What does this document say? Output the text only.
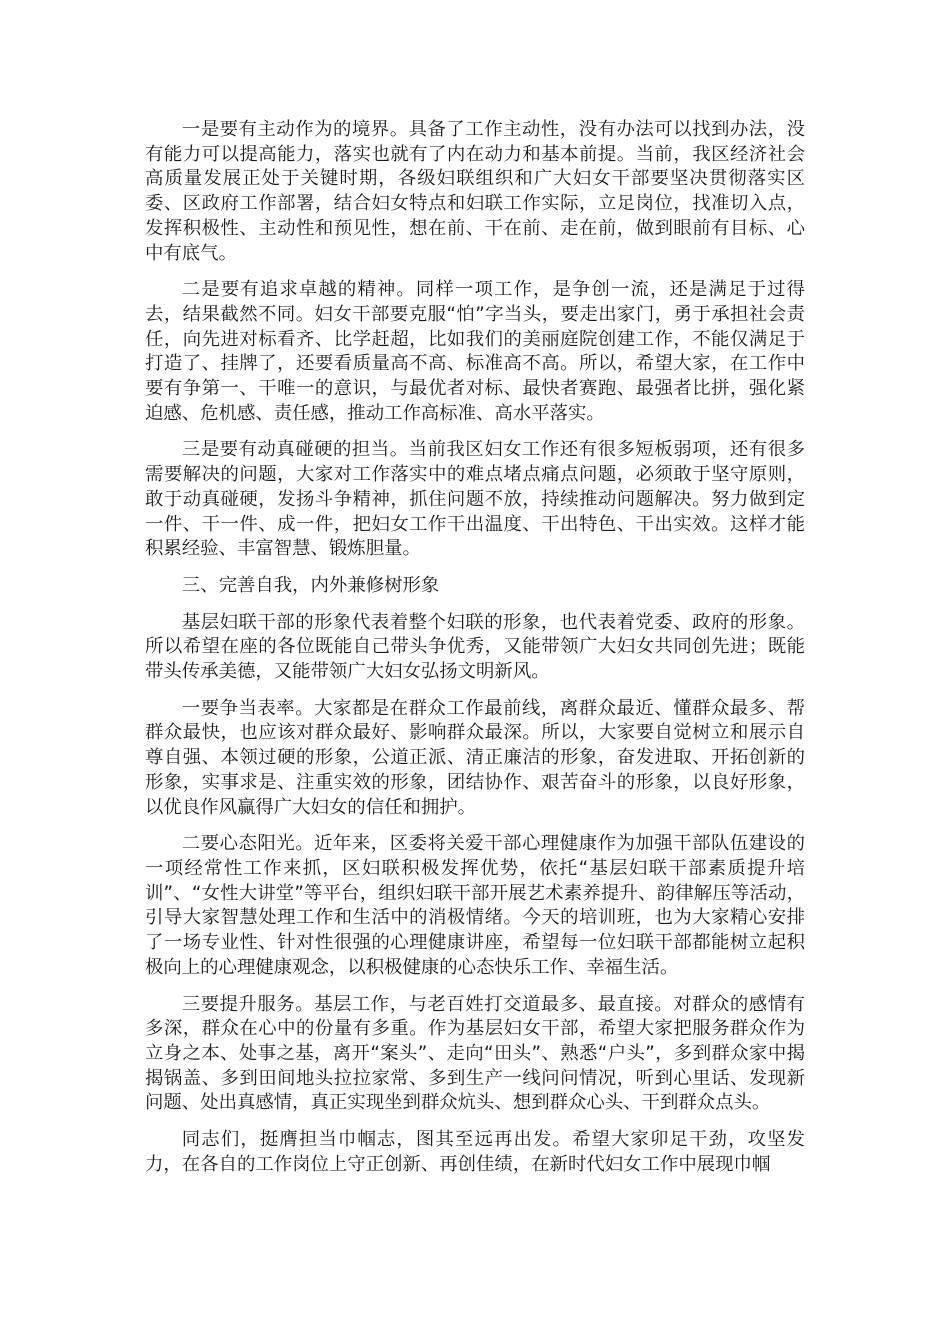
一是要有主动作为的境界。具备了工作主动性，没有办法可以找到办法，没有能力可以提高能力，落实也就有了内在动力和基本前提。当前，我区经济社会高质量发展正处于关键时期，各级妇联组织和广大妇女干部要坚决贯彻落实区委、区政府工作部署，结合妇女特点和妇联工作实际，立足岗位，找准切入点，发挥积极性、主动性和预见性，想在前、干在前、走在前，做到眼前有目标、心中有底气。

二是要有追求卓越的精神。同样一项工作，是争创一流，还是满足于过得去，结果截然不同。妇女干部要克服“怕”字当头，要走出家门，勇于承担社会责任，向先进对标看齐、比学赶超，比如我们的美丽庭院创建工作，不能仅满足于打造了、挂牌了，还要看质量高不高、标准高不高。所以，希望大家，在工作中要有争第一、干唯一的意识，与最优者对标、最快者赛跑、最强者比拼，强化紧迫感、危机感、责任感，推动工作高标准、高水平落实。

三是要有动真碰硬的担当。当前我区妇女工作还有很多短板弱项，还有很多需要解决的问题，大家对工作落实中的难点堵点痛点问题，必须敢于坚守原则，敢于动真碰硬，发扬斗争精神，抓住问题不放，持续推动问题解决。努力做到定一件、干一件、成一件，把妇女工作干出温度、干出特色、干出实效。这样才能积累经验、丰富智慧、锻炼胆量。

三、完善自我，内外兼修树形象

基层妇联干部的形象代表着整个妇联的形象，也代表着党委、政府的形象。所以希望在座的各位既能自己带头争优秀，又能带领广大妇女共同创先进；既能带头传承美德，又能带领广大妇女弘扬文明新风。

一要争当表率。大家都是在群众工作最前线，离群众最近、懂群众最多、帮群众最快，也应该对群众最好、影响群众最深。所以，大家要自觉树立和展示自尊自强、本领过硬的形象，公道正派、清正廉洁的形象，奋发进取、开拓创新的形象，实事求是、注重实效的形象，团结协作、艰苦奋斗的形象，以良好形象，以优良作风赢得广大妇女的信任和拥护。

二要心态阳光。近年来，区委将关爱干部心理健康作为加强干部队伍建设的一项经常性工作来抓，区妇联积极发挥优势，依托“基层妇联干部素质提升培训”、“女性大讲堂”等平台，组织妇联干部开展艺术素养提升、韵律解压等活动，引导大家智慧处理工作和生活中的消极情绪。今天的培训班，也为大家精心安排了一场专业性、针对性很强的心理健康讲座，希望每一位妇联干部都能树立起积极向上的心理健康观念，以积极健康的心态快乐工作、幸福生活。

三要提升服务。基层工作，与老百姓打交道最多、最直接。对群众的感情有多深，群众在心中的份量有多重。作为基层妇女干部，希望大家把服务群众作为立身之本、处事之基，离开“案头”、走向“田头”、熟悉“户头”，多到群众家中揭揭锅盖、多到田间地头拉拉家常、多到生产一线问问情况，听到心里话、发现新问题、处出真感情，真正实现坐到群众炕头、想到群众心头、干到群众点头。

同志们，挺膺担当巾帼志，图其至远再出发。希望大家卯足干劲，攻坚发力，在各自的工作岗位上守正创新、再创佳绩，在新时代妇女工作中展现巾帼
